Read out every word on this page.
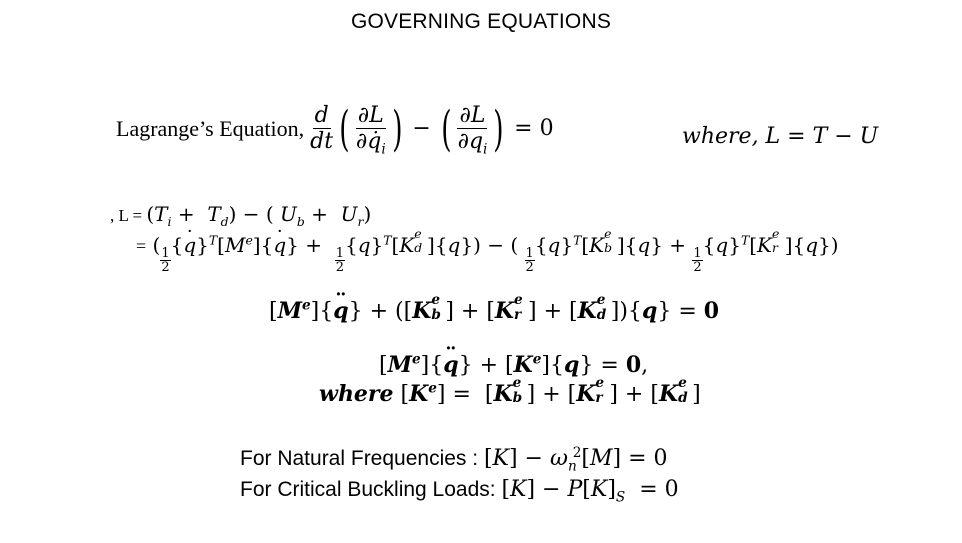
GOVERNING EQUATIONS
Lagrange’s Equation, $\frac{d}{dt}$ ( $\frac{\partial L}{\partial q̇_i}$ ) − ( $\frac{\partial L}{\partial q_i}$ ) = 0	where, L = T − U
, $L = (T_i + T_d)$ − ( $U_b + U_r$)
= (
$\frac{1}{2}$
{q ˙}$^T$[Me]{q ˙} +
$\frac{1}{2}$
$\{q\}^T[K$ e
d ]{q}) − (
$\frac{1}{2}$
$\{q\}^T[K$ e
b ]{q} +
$\frac{1}{2}$
$\{q\}^T[K$ e
r ]{q})
[Me]{q ¨} + ([K e
b ] + [K e
r ] + [K e
d ]){q} = 0
[Me]{q ¨} + $[K^e]\{q\} = 0$,
where $[K^e] = [K$ e
b ] + [K e
r ] + [K e
d ]
For Natural Frequencies : $[K] - \omega_n^2[M] = 0$
For Critical Buckling Loads: $[K] - P[K]_S = 0$
